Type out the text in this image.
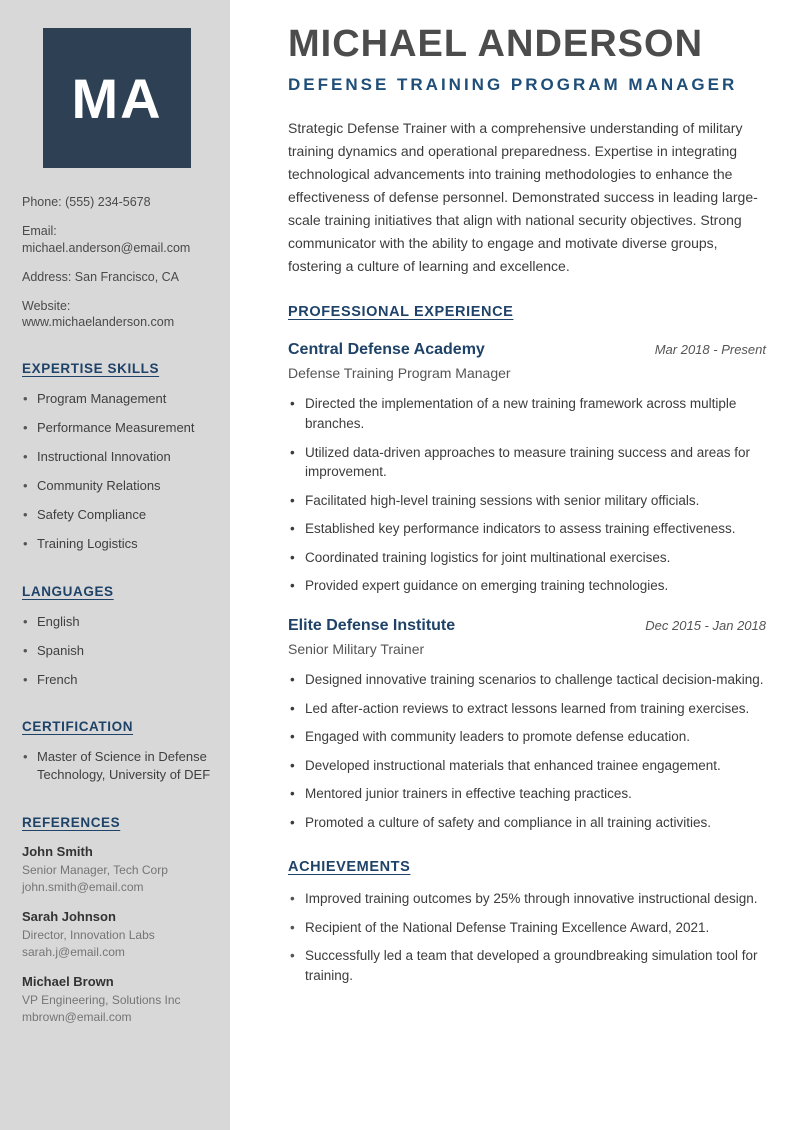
MA
Phone: (555) 234-5678
Email: michael.anderson@email.com
Address: San Francisco, CA
Website: www.michaelanderson.com
EXPERTISE SKILLS
• Program Management
• Performance Measurement
• Instructional Innovation
• Community Relations
• Safety Compliance
• Training Logistics
LANGUAGES
• English
• Spanish
• French
CERTIFICATION
• Master of Science in Defense Technology, University of DEF
REFERENCES
John Smith
Senior Manager, Tech Corp
john.smith@email.com
Sarah Johnson
Director, Innovation Labs
sarah.j@email.com
Michael Brown
VP Engineering, Solutions Inc
mbrown@email.com
MICHAEL ANDERSON
DEFENSE TRAINING PROGRAM MANAGER

Strategic Defense Trainer with a comprehensive understanding of military training dynamics and operational preparedness. Expertise in integrating technological advancements into training methodologies to enhance the effectiveness of defense personnel. Demonstrated success in leading large-scale training initiatives that align with national security objectives. Strong communicator with the ability to engage and motivate diverse groups, fostering a culture of learning and excellence.

PROFESSIONAL EXPERIENCE
Central Defense Academy	Mar 2018 - Present
Defense Training Program Manager
• Directed the implementation of a new training framework across multiple branches.
• Utilized data-driven approaches to measure training success and areas for improvement.
• Facilitated high-level training sessions with senior military officials.
• Established key performance indicators to assess training effectiveness.
• Coordinated training logistics for joint multinational exercises.
• Provided expert guidance on emerging training technologies.
Elite Defense Institute	Dec 2015 - Jan 2018
Senior Military Trainer
• Designed innovative training scenarios to challenge tactical decision-making.
• Led after-action reviews to extract lessons learned from training exercises.
• Engaged with community leaders to promote defense education.
• Developed instructional materials that enhanced trainee engagement.
• Mentored junior trainers in effective teaching practices.
• Promoted a culture of safety and compliance in all training activities.
ACHIEVEMENTS
• Improved training outcomes by 25% through innovative instructional design.
• Recipient of the National Defense Training Excellence Award, 2021.
• Successfully led a team that developed a groundbreaking simulation tool for training.
